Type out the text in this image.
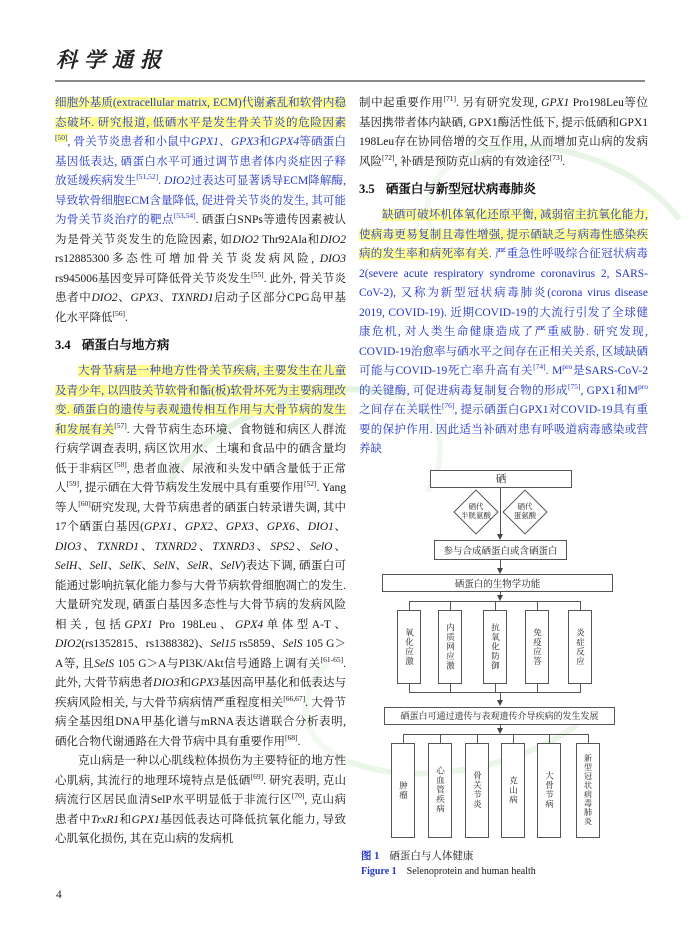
科学通报

细胞外基质(extracellular matrix, ECM)代谢紊乱和软骨内稳态破坏. 研究报道, 低硒水平是发生骨关节炎的危险因素[50], 骨关节炎患者和小鼠中GPX1、GPX3和GPX4等硒蛋白基因低表达, 硒蛋白水平可通过调节患者体内炎症因子释放延缓疾病发生[51,52]. DIO2过表达可显著诱导ECM降解酶, 导致软骨细胞ECM含量降低, 促进骨关节炎的发生, 其可能为骨关节炎治疗的靶点[53,54]. 硒蛋白SNPs等遗传因素被认为是骨关节炎发生的危险因素, 如DIO2 Thr92Ala和DIO2 rs12885300多态性可增加骨关节炎发病风险, DIO3 rs945006基因变异可降低骨关节炎发生[55]. 此外, 骨关节炎患者中DIO2、GPX3、TXNRD1启动子区部分CPG岛甲基化水平降低[56].

3.4 硒蛋白与地方病

大骨节病是一种地方性骨关节疾病, 主要发生在儿童及青少年, 以四肢关节软骨和骺(板)软骨坏死为主要病理改变. 硒蛋白的遗传与表观遗传相互作用与大骨节病的发生和发展有关[57]. 大骨节病生态环境、食物链和病区人群流行病学调查表明, 病区饮用水、土壤和食品中的硒含量均低于非病区[58], 患者血液、尿液和头发中硒含量低于正常人[59], 提示硒在大骨节病发生发展中具有重要作用[52]. Yang等人[60]研究发现, 大骨节病患者的硒蛋白转录谱失调, 其中17个硒蛋白基因(GPX1、GPX2、GPX3、GPX6、DIO1、DIO3、TXNRD1、TXNRD2、TXNRD3、SPS2、SelO、SelH、SelI、SelK、SelN、SelR、SelV)表达下调, 硒蛋白可能通过影响抗氧化能力参与大骨节病软骨细胞凋亡的发生. 大量研究发现, 硒蛋白基因多态性与大骨节病的发病风险相关, 包括GPX1 Pro 198Leu、GPX4单体型A-T、DIO2(rs1352815、rs1388382)、Sel15 rs5859、SelS 105 G＞A等, 且SelS 105 G＞A与PI3K/Akt信号通路上调有关[61-65]. 此外, 大骨节病患者DIO3和GPX3基因高甲基化和低表达与疾病风险相关, 与大骨节病病情严重程度相关[66,67]. 大骨节病全基因组DNA甲基化谱与mRNA表达谱联合分析表明, 硒化合物代谢通路在大骨节病中具有重要作用[68].

克山病是一种以心肌线粒体损伤为主要特征的地方性心肌病, 其流行的地理环境特点是低硒[69]. 研究表明, 克山病流行区居民血清SelP水平明显低于非流行区[70], 克山病患者中TrxR1和GPX1基因低表达可降低抗氧化能力, 导致心肌氧化损伤, 其在克山病的发病机

制中起重要作用[71]. 另有研究发现, GPX1 Pro198Leu等位基因携带者体内缺硒, GPX1酶活性低下, 提示低硒和GPX1 198Leu存在协同倍增的交互作用, 从而增加克山病的发病风险[72], 补硒是预防克山病的有效途径[73].

3.5 硒蛋白与新型冠状病毒肺炎

缺硒可破坏机体氧化还原平衡, 减弱宿主抗氧化能力, 使病毒更易复制且毒性增强, 提示硒缺乏与病毒性感染疾病的发生率和病死率有关. 严重急性呼吸综合征冠状病毒2(severe acute respiratory syndrome coronavirus 2, SARS-CoV-2), 又称为新型冠状病毒肺炎(corona virus disease 2019, COVID-19). 近期COVID-19的大流行引发了全球健康危机, 对人类生命健康造成了严重威胁. 研究发现, COVID-19治愈率与硒水平之间存在正相关关系, 区域缺硒可能与COVID-19死亡率升高有关[74]. $M^{pro}$是SARS-CoV-2的关键酶, 可促进病毒复制复合物的形成[75], GPX1和$M^{pro}$之间存在关联性[76], 提示硒蛋白GPX1对COVID-19具有重要的保护作用. 因此适当补硒对患有呼吸道病毒感染或营养缺

硒
硒代
半胱氨酸
硒代
蛋氨酸
参与合成硒蛋白或含硒蛋白
硒蛋白的生物学功能
氧化应激	内质网应激	抗氧化防御	免疫应答	炎症反应
硒蛋白可通过遗传与表观遗传介导疾病的发生发展
肿瘤	心血管疾病	骨关节炎	克山病	大骨节病	新型冠状病毒肺炎
图 1 硒蛋白与人体健康
Figure 1 Selenoprotein and human health
4
